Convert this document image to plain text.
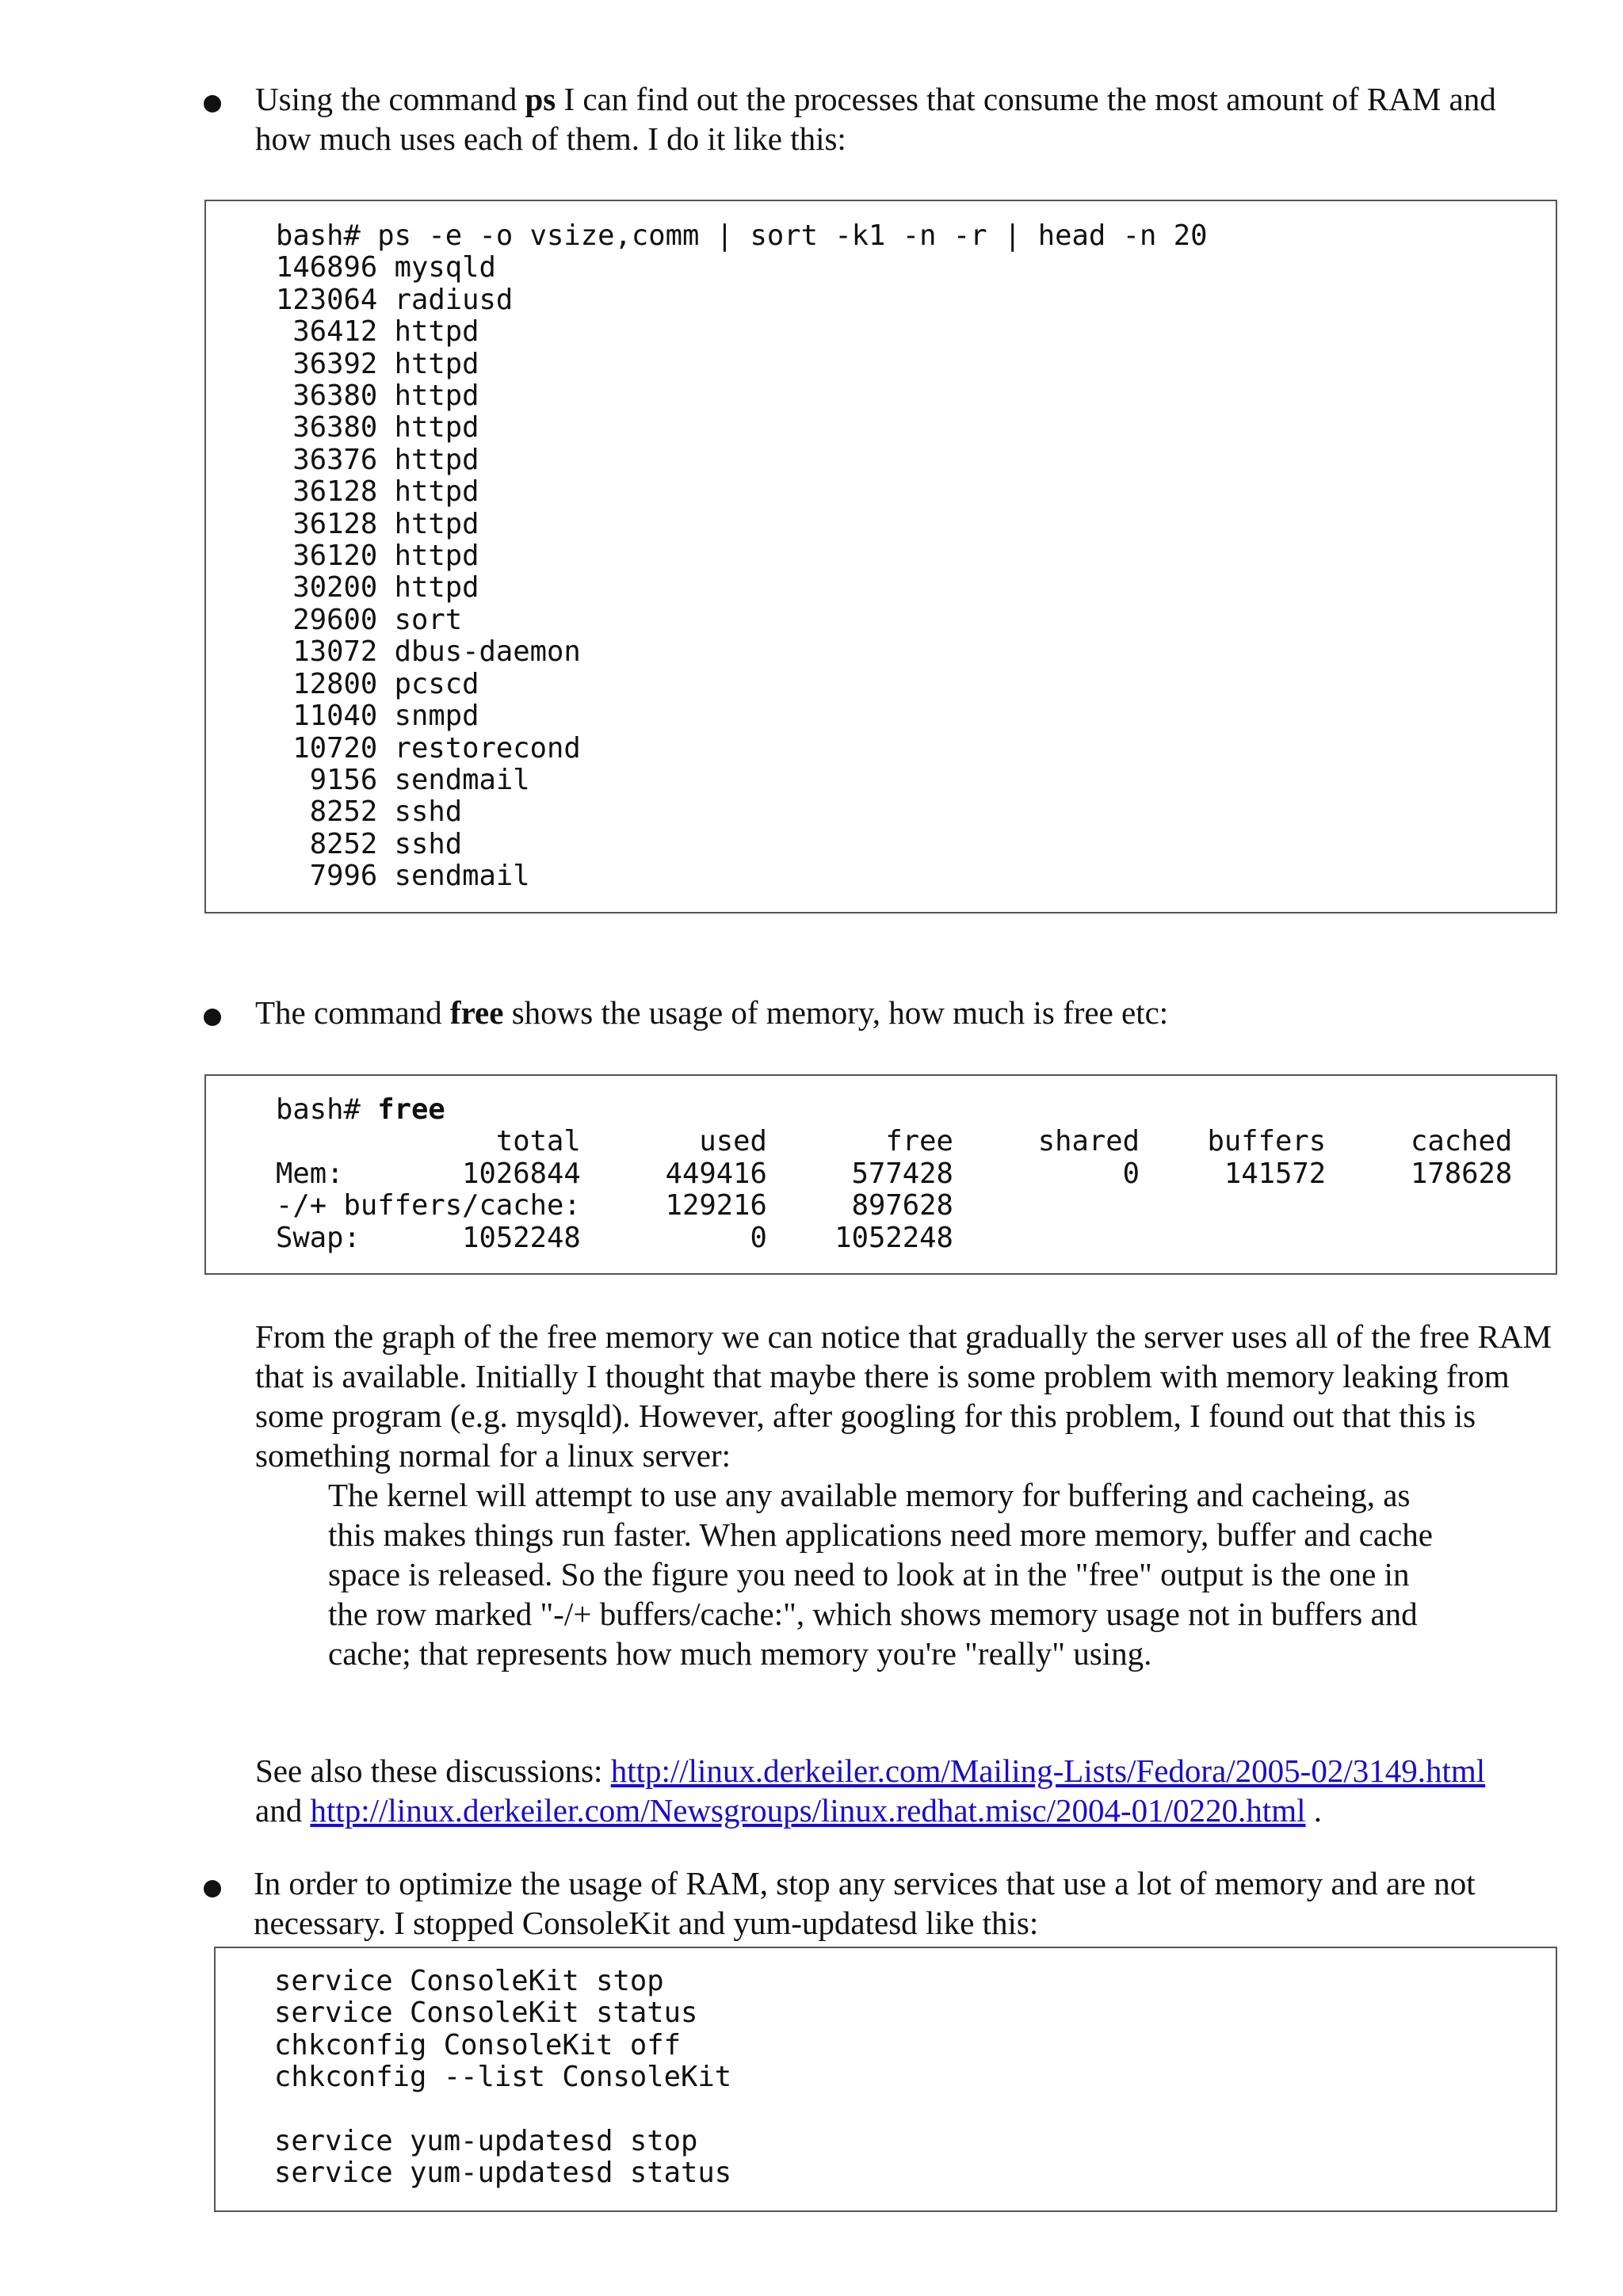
Using the command ps I can find out the processes that consume the most amount of RAM and how much uses each of them. I do it like this:

bash# ps -e -o vsize,comm | sort -k1 -n -r | head -n 20
146896 mysqld
123064 radiusd
36412 httpd
36392 httpd
36380 httpd
36380 httpd
36376 httpd
36128 httpd
36128 httpd
36120 httpd
30200 httpd
29600 sort
13072 dbus-daemon
12800 pcscd
11040 snmpd
10720 restorecond
9156 sendmail
8252 sshd
8252 sshd
7996 sendmail

The command free shows the usage of memory, how much is free etc:

bash# free
total       used       free     shared    buffers     cached
Mem:       1026844     449416     577428          0     141572     178628
-/+ buffers/cache:     129216     897628
Swap:      1052248          0    1052248

From the graph of the free memory we can notice that gradually the server uses all of the free RAM that is available. Initially I thought that maybe there is some problem with memory leaking from some program (e.g. mysqld). However, after googling for this problem, I found out that this is something normal for a linux server:

The kernel will attempt to use any available memory for buffering and cacheing, as this makes things run faster. When applications need more memory, buffer and cache space is released. So the figure you need to look at in the "free" output is the one in the row marked "-/+ buffers/cache:", which shows memory usage not in buffers and cache; that represents how much memory you're "really" using.

See also these discussions: http://linux.derkeiler.com/Mailing-Lists/Fedora/2005-02/3149.html
and http://linux.derkeiler.com/Newsgroups/linux.redhat.misc/2004-01/0220.html .

In order to optimize the usage of RAM, stop any services that use a lot of memory and are not necessary. I stopped ConsoleKit and yum-updatesd like this:

service ConsoleKit stop
service ConsoleKit status
chkconfig ConsoleKit off
chkconfig --list ConsoleKit

service yum-updatesd stop
service yum-updatesd status
